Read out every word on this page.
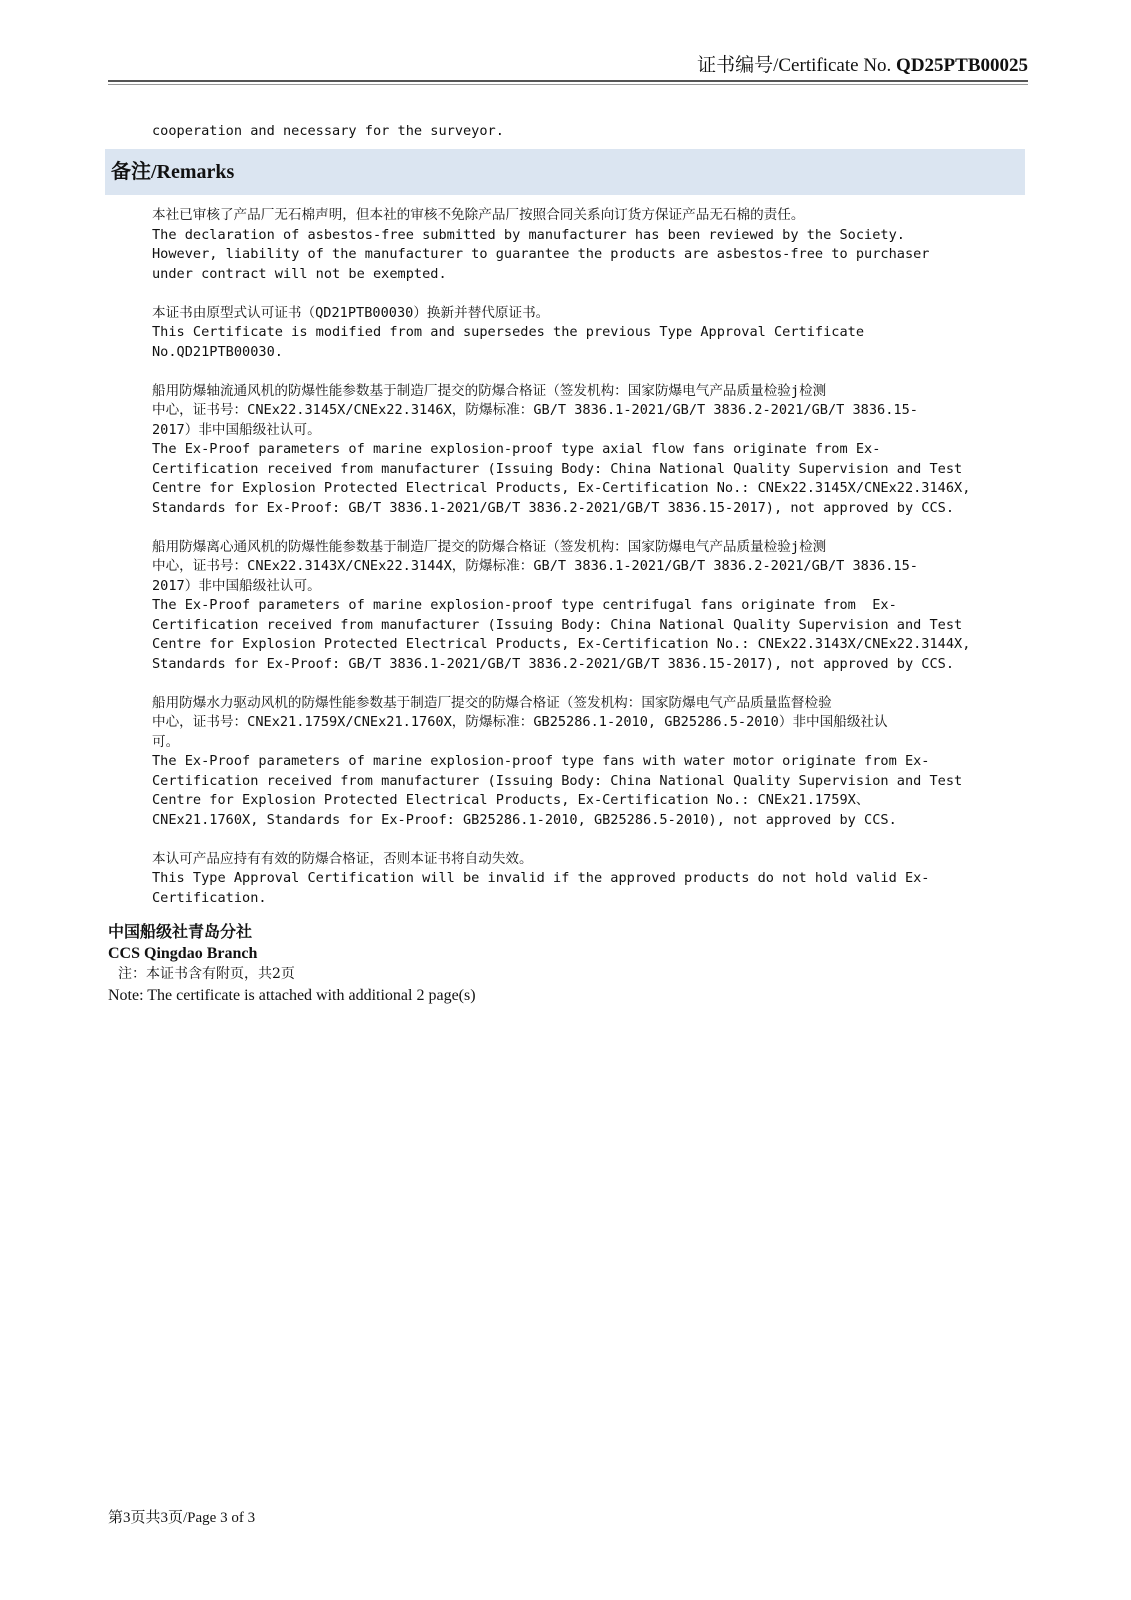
证书编号/Certificate No. QD25PTB00025

cooperation and necessary for the surveyor.

备注/Remarks

本社已审核了产品厂无石棉声明，但本社的审核不免除产品厂按照合同关系向订货方保证产品无石棉的责任。

The declaration of asbestos-free submitted by manufacturer has been reviewed by the Society.
However, liability of the manufacturer to guarantee the products are asbestos-free to purchaser
under contract will not be exempted.

本证书由原型式认可证书（QD21PTB00030）换新并替代原证书。

This Certificate is modified from and supersedes the previous Type Approval Certificate
No.QD21PTB00030.

船用防爆轴流通风机的防爆性能参数基于制造厂提交的防爆合格证（签发机构：国家防爆电气产品质量检验j检测
中心，证书号：CNEx22.3145X/CNEx22.3146X，防爆标准：GB/T 3836.1-2021/GB/T 3836.2-2021/GB/T 3836.15-
2017）非中国船级社认可。

The Ex-Proof parameters of marine explosion-proof type axial flow fans originate from Ex-
Certification received from manufacturer (Issuing Body: China National Quality Supervision and Test
Centre for Explosion Protected Electrical Products, Ex-Certification No.: CNEx22.3145X/CNEx22.3146X,
Standards for Ex-Proof: GB/T 3836.1-2021/GB/T 3836.2-2021/GB/T 3836.15-2017), not approved by CCS.

船用防爆离心通风机的防爆性能参数基于制造厂提交的防爆合格证（签发机构：国家防爆电气产品质量检验j检测
中心，证书号：CNEx22.3143X/CNEx22.3144X，防爆标准：GB/T 3836.1-2021/GB/T 3836.2-2021/GB/T 3836.15-
2017）非中国船级社认可。

The Ex-Proof parameters of marine explosion-proof type centrifugal fans originate from  Ex-
Certification received from manufacturer (Issuing Body: China National Quality Supervision and Test
Centre for Explosion Protected Electrical Products, Ex-Certification No.: CNEx22.3143X/CNEx22.3144X,
Standards for Ex-Proof: GB/T 3836.1-2021/GB/T 3836.2-2021/GB/T 3836.15-2017), not approved by CCS.

船用防爆水力驱动风机的防爆性能参数基于制造厂提交的防爆合格证（签发机构：国家防爆电气产品质量监督检验
中心，证书号：CNEx21.1759X/CNEx21.1760X，防爆标准：GB25286.1-2010, GB25286.5-2010）非中国船级社认
可。

The Ex-Proof parameters of marine explosion-proof type fans with water motor originate from Ex-
Certification received from manufacturer (Issuing Body: China National Quality Supervision and Test
Centre for Explosion Protected Electrical Products, Ex-Certification No.: CNEx21.1759X、
CNEx21.1760X, Standards for Ex-Proof: GB25286.1-2010, GB25286.5-2010), not approved by CCS.

本认可产品应持有有效的防爆合格证，否则本证书将自动失效。

This Type Approval Certification will be invalid if the approved products do not hold valid Ex-
Certification.

中国船级社青岛分社
CCS Qingdao Branch
注：本证书含有附页，共2页
Note: The certificate is attached with additional 2 page(s)
第3页共3页/Page 3 of 3
